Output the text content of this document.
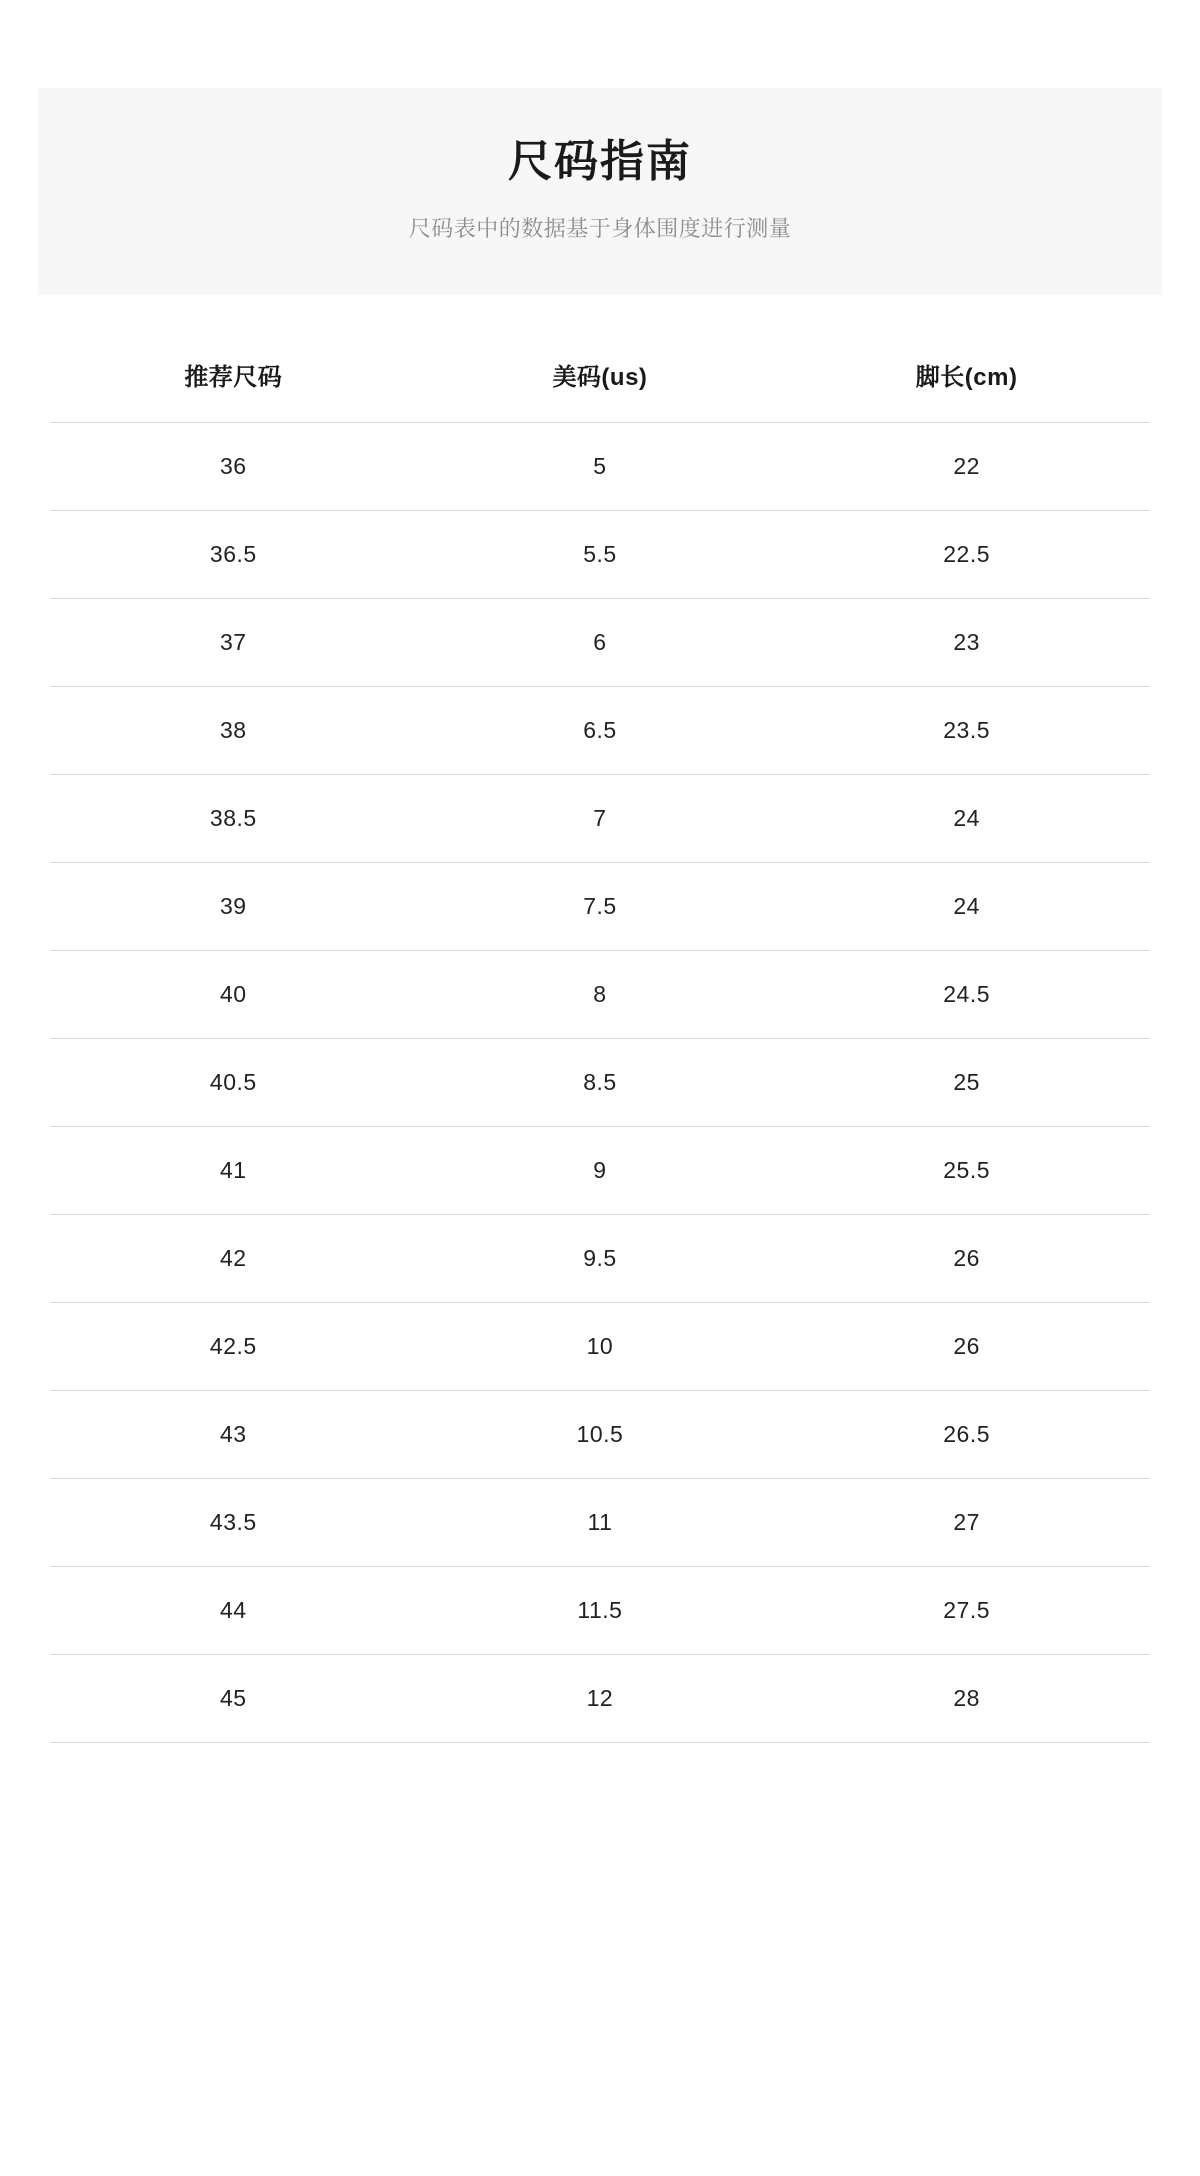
尺码指南

尺码表中的数据基于身体围度进行测量

推荐尺码	美码(us)	脚长(cm)
36	5	22
36.5	5.5	22.5
37	6	23
38	6.5	23.5
38.5	7	24
39	7.5	24
40	8	24.5
40.5	8.5	25
41	9	25.5
42	9.5	26
42.5	10	26
43	10.5	26.5
43.5	11	27
44	11.5	27.5
45	12	28
